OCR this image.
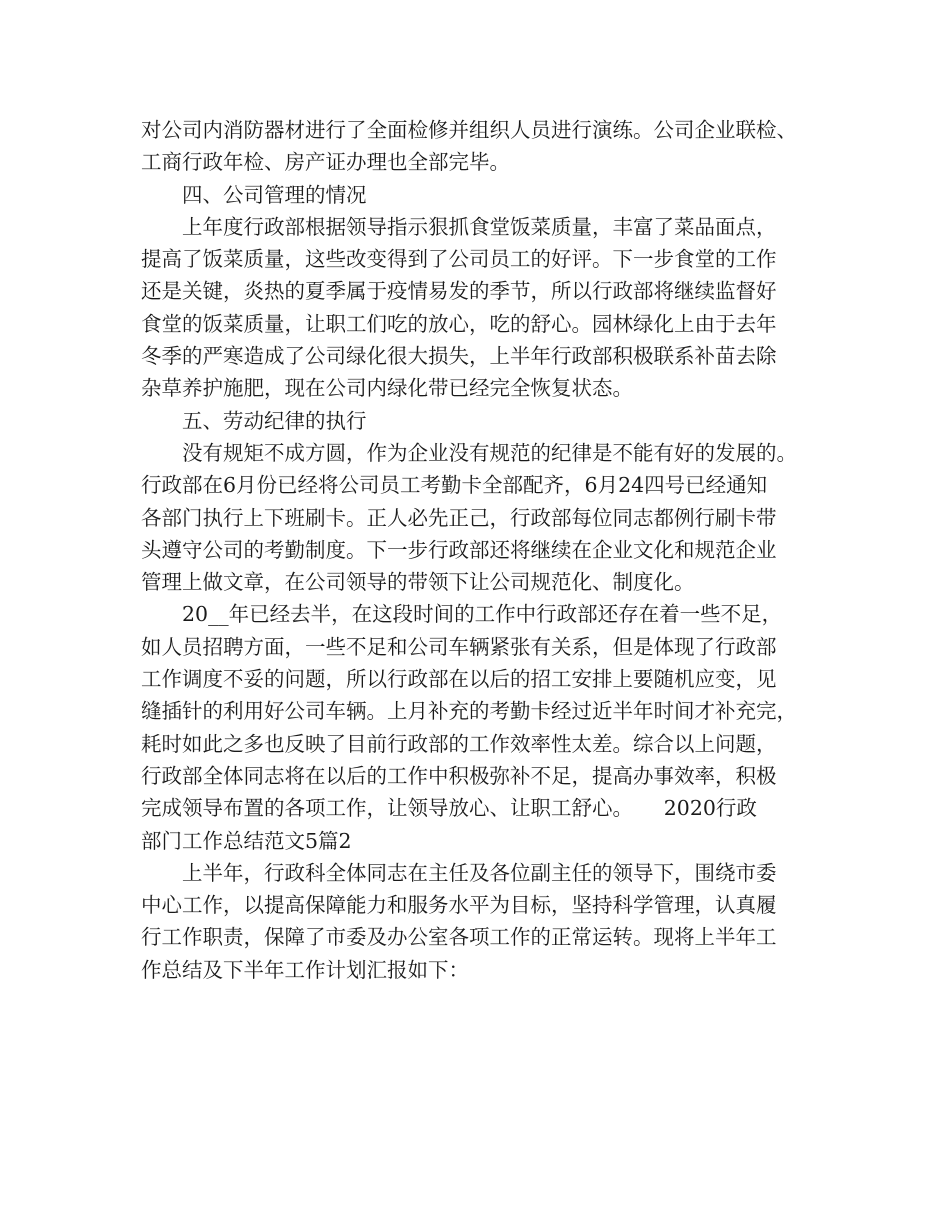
对公司内消防器材进行了全面检修并组织人员进行演练。公司企业联检、
工商行政年检、房产证办理也全部完毕。
四、公司管理的情况
上年度行政部根据领导指示狠抓食堂饭菜质量，丰富了菜品面点，
提高了饭菜质量，这些改变得到了公司员工的好评。下一步食堂的工作
还是关键，炎热的夏季属于疫情易发的季节，所以行政部将继续监督好
食堂的饭菜质量，让职工们吃的放心，吃的舒心。园林绿化上由于去年
冬季的严寒造成了公司绿化很大损失，上半年行政部积极联系补苗去除
杂草养护施肥，现在公司内绿化带已经完全恢复状态。
五、劳动纪律的执行
没有规矩不成方圆，作为企业没有规范的纪律是不能有好的发展的。
行政部在6月份已经将公司员工考勤卡全部配齐，6月24四号已经通知
各部门执行上下班刷卡。正人必先正己，行政部每位同志都例行刷卡带
头遵守公司的考勤制度。下一步行政部还将继续在企业文化和规范企业
管理上做文章，在公司领导的带领下让公司规范化、制度化。
20__年已经去半，在这段时间的工作中行政部还存在着一些不足，
如人员招聘方面，一些不足和公司车辆紧张有关系，但是体现了行政部
工作调度不妥的问题，所以行政部在以后的招工安排上要随机应变，见
缝插针的利用好公司车辆。上月补充的考勤卡经过近半年时间才补充完，
耗时如此之多也反映了目前行政部的工作效率性太差。综合以上问题，
行政部全体同志将在以后的工作中积极弥补不足，提高办事效率，积极
完成领导布置的各项工作，让领导放心、让职工舒心。　　2020行政
部门工作总结范文5篇2
上半年，行政科全体同志在主任及各位副主任的领导下，围绕市委
中心工作，以提高保障能力和服务水平为目标，坚持科学管理，认真履
行工作职责，保障了市委及办公室各项工作的正常运转。现将上半年工
作总结及下半年工作计划汇报如下：
